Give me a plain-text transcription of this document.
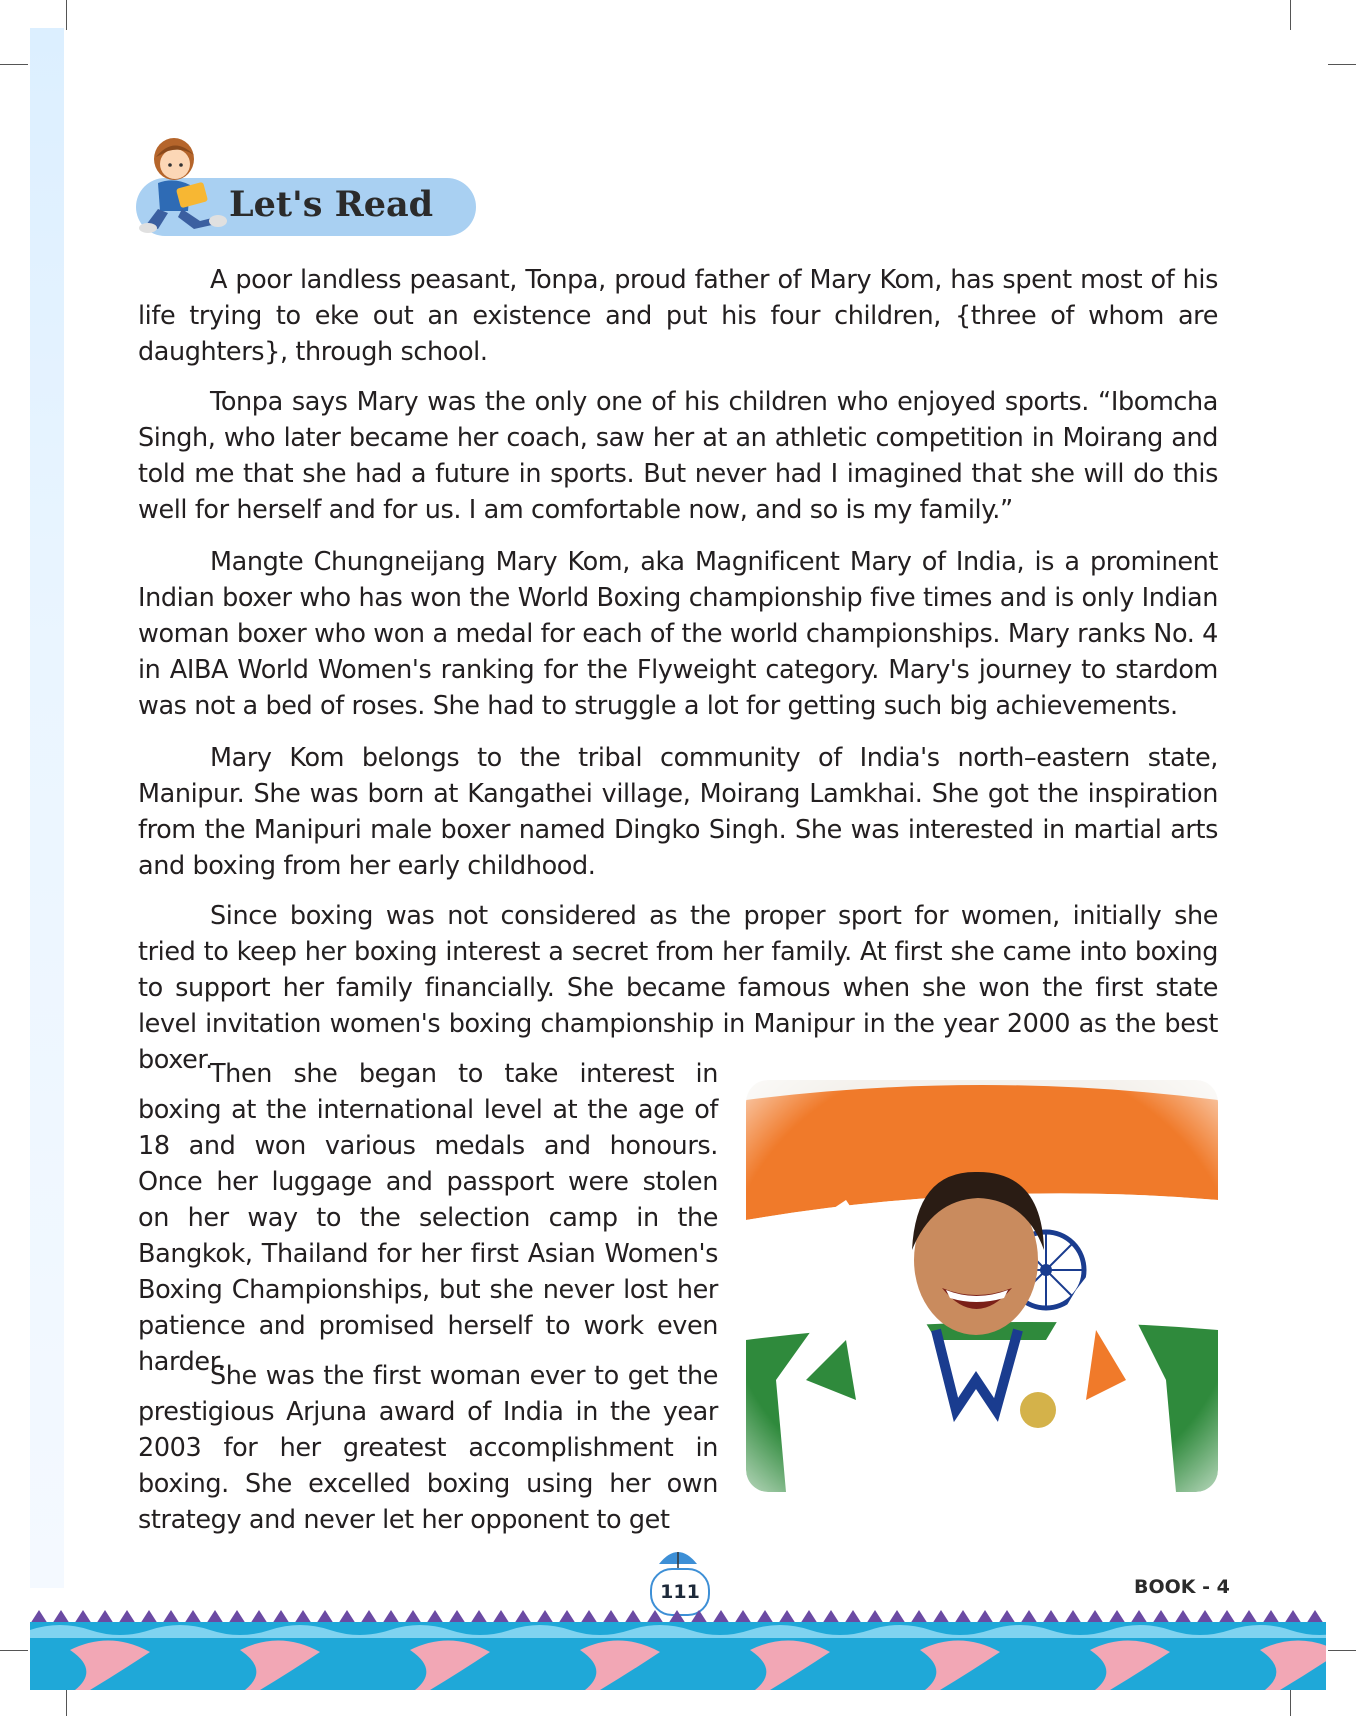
Let's Read

A poor landless peasant, Tonpa, proud father of Mary Kom, has spent most of his life trying to eke out an existence and put his four children, {three of whom are daughters}, through school.

Tonpa says Mary was the only one of his children who enjoyed sports. “Ibomcha Singh, who later became her coach, saw her at an athletic competition in Moirang and told me that she had a future in sports. But never had I imagined that she will do this well for herself and for us. I am comfortable now, and so is my family.”

Mangte Chungneijang Mary Kom, aka Magnificent Mary of India, is a prominent Indian boxer who has won the World Boxing championship five times and is only Indian woman boxer who won a medal for each of the world championships. Mary ranks No. 4 in AIBA World Women's ranking for the Flyweight category. Mary's journey to stardom was not a bed of roses. She had to struggle a lot for getting such big achievements.

Mary Kom belongs to the tribal community of India's north–eastern state, Manipur. She was born at Kangathei village, Moirang Lamkhai. She got the inspiration from the Manipuri male boxer named Dingko Singh. She was interested in martial arts and boxing from her early childhood.

Since boxing was not considered as the proper sport for women, initially she tried to keep her boxing interest a secret from her family. At first she came into boxing to support her family financially. She became famous when she won the first state level invitation women's boxing championship in Manipur in the year 2000 as the best boxer.

Then she began to take interest in boxing at the international level at the age of 18 and won various medals and honours. Once her luggage and passport were stolen on her way to the selection camp in the Bangkok, Thailand for her first Asian Women's Boxing Championships, but she never lost her patience and promised herself to work even harder.

She was the first woman ever to get the prestigious Arjuna award of India in the year 2003 for her greatest accomplishment in boxing. She excelled boxing using her own strategy and never let her opponent to get

111	BOOK - 4
